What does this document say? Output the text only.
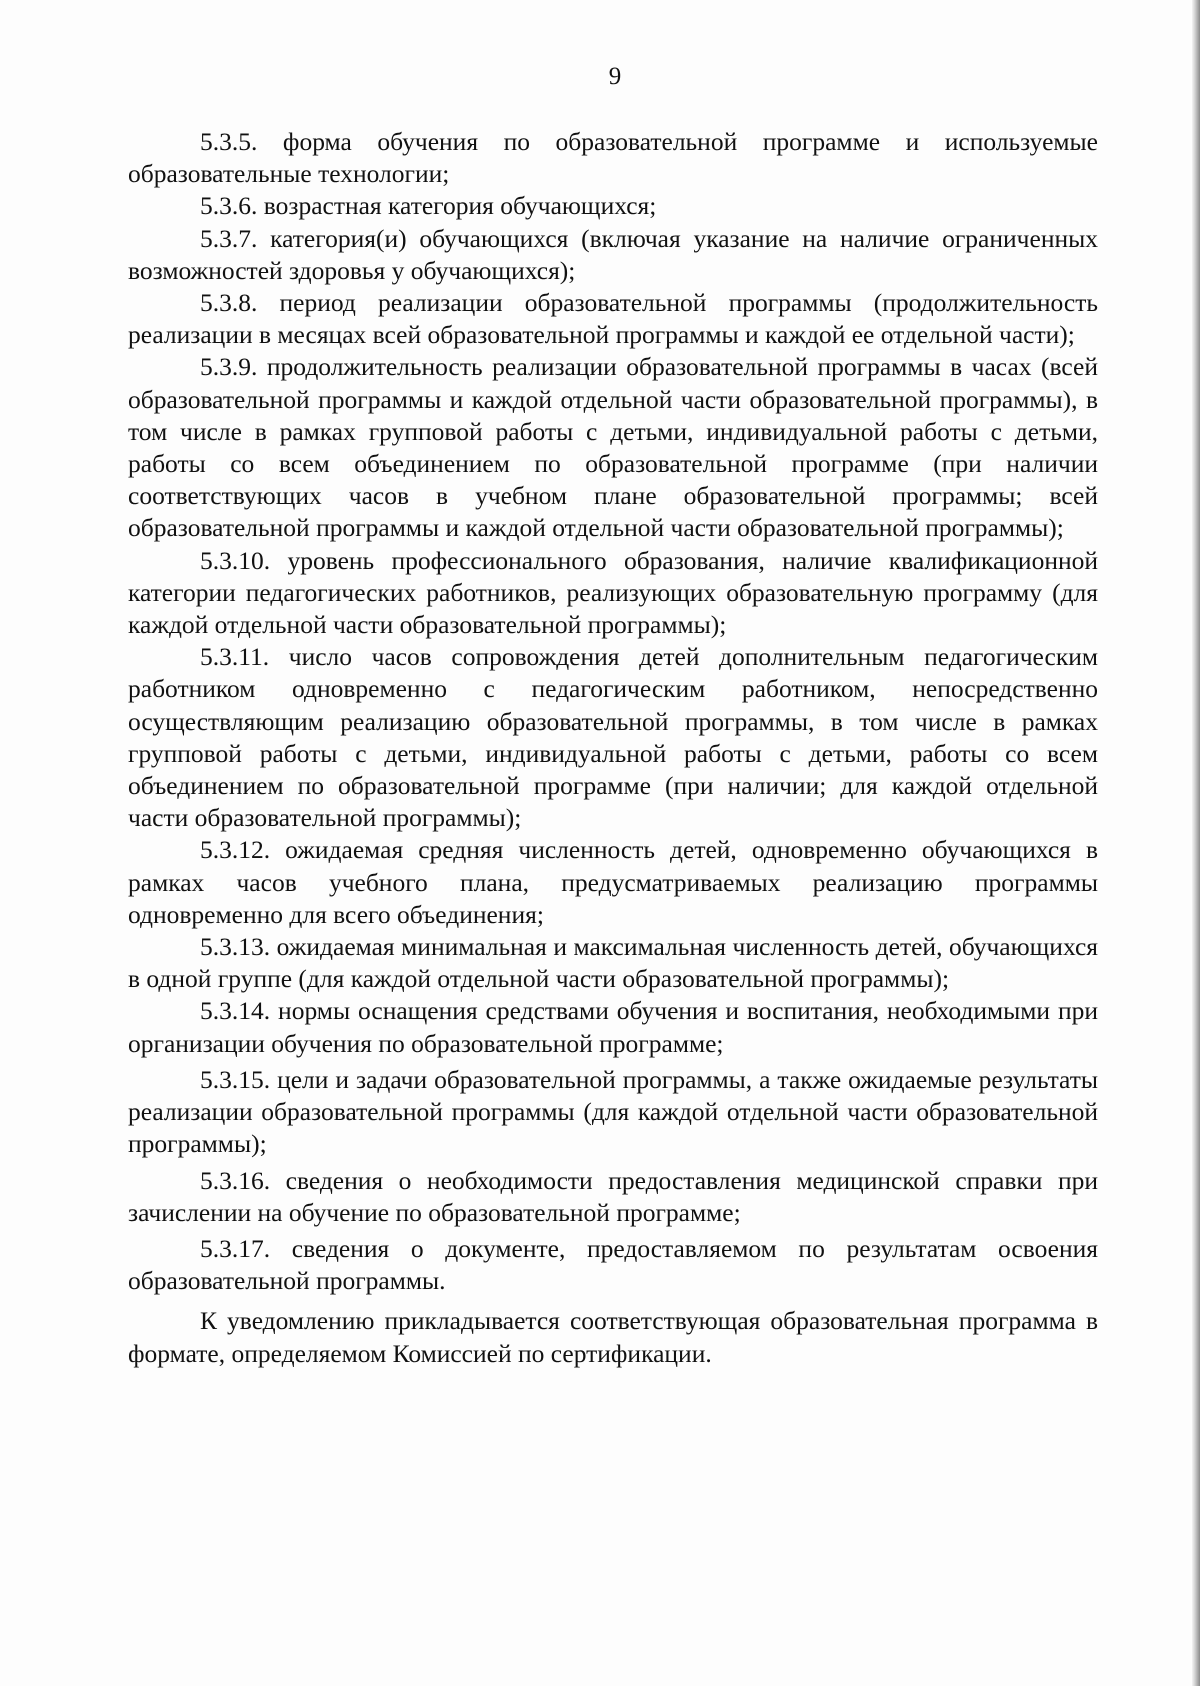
9

5.3.5. форма обучения по образовательной программе и используемые образовательные технологии;

5.3.6. возрастная категория обучающихся;

5.3.7. категория(и) обучающихся (включая указание на наличие ограниченных возможностей здоровья у обучающихся);

5.3.8. период реализации образовательной программы (продолжительность реализации в месяцах всей образовательной программы и каждой ее отдельной части);

5.3.9. продолжительность реализации образовательной программы в часах (всей образовательной программы и каждой отдельной части образовательной программы), в том числе в рамках групповой работы с детьми, индивидуальной работы с детьми, работы со всем объединением по образовательной программе (при наличии соответствующих часов в учебном плане образовательной программы; всей образовательной программы и каждой отдельной части образовательной программы);

5.3.10. уровень профессионального образования, наличие квалификационной категории педагогических работников, реализующих образовательную программу (для каждой отдельной части образовательной программы);

5.3.11. число часов сопровождения детей дополнительным педагогическим работником одновременно с педагогическим работником, непосредственно осуществляющим реализацию образовательной программы, в том числе в рамках групповой работы с детьми, индивидуальной работы с детьми, работы со всем объединением по образовательной программе (при наличии; для каждой отдельной части образовательной программы);

5.3.12. ожидаемая средняя численность детей, одновременно обучающихся в рамках часов учебного плана, предусматриваемых реализацию программы одновременно для всего объединения;

5.3.13. ожидаемая минимальная и максимальная численность детей, обучающихся в одной группе (для каждой отдельной части образовательной программы);

5.3.14. нормы оснащения средствами обучения и воспитания, необходимыми при организации обучения по образовательной программе;

5.3.15. цели и задачи образовательной программы, а также ожидаемые результаты реализации образовательной программы (для каждой отдельной части образовательной программы);

5.3.16. сведения о необходимости предоставления медицинской справки при зачислении на обучение по образовательной программе;

5.3.17. сведения о документе, предоставляемом по результатам освоения образовательной программы.

К уведомлению прикладывается соответствующая образовательная программа в формате, определяемом Комиссией по сертификации.
